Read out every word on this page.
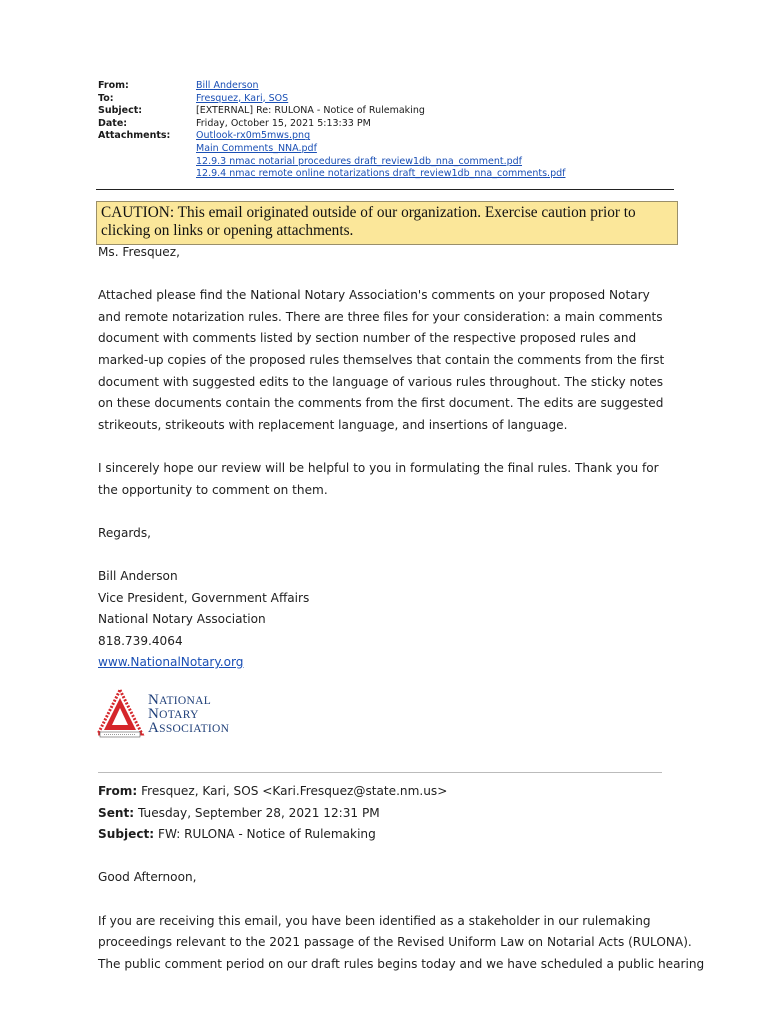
From:	Bill Anderson
To:	Fresquez, Kari, SOS
Subject:	[EXTERNAL] Re: RULONA - Notice of Rulemaking
Date:	Friday, October 15, 2021 5:13:33 PM
Attachments:	Outlook-rx0m5mws.png
Main Comments_NNA.pdf
12.9.3 nmac notarial procedures draft_review1db_nna_comment.pdf
12.9.4 nmac remote online notarizations draft_review1db_nna_comments.pdf
CAUTION: This email originated outside of our organization. Exercise caution prior to
clicking on links or opening attachments.
Ms. Fresquez,
Attached please find the National Notary Association's comments on your proposed Notary
and remote notarization rules. There are three files for your consideration: a main comments
document with comments listed by section number of the respective proposed rules and
marked-up copies of the proposed rules themselves that contain the comments from the first
document with suggested edits to the language of various rules throughout. The sticky notes
on these documents contain the comments from the first document. The edits are suggested
strikeouts, strikeouts with replacement language, and insertions of language.
I sincerely hope our review will be helpful to you in formulating the final rules. Thank you for
the opportunity to comment on them.
Regards,
Bill Anderson
Vice President, Government Affairs
National Notary Association
818.739.4064
www.NationalNotary.org
NATIONAL
NOTARY
ASSOCIATION
From: Fresquez, Kari, SOS <Kari.Fresquez@state.nm.us>
Sent: Tuesday, September 28, 2021 12:31 PM
Subject: FW: RULONA - Notice of Rulemaking
Good Afternoon,
If you are receiving this email, you have been identified as a stakeholder in our rulemaking
proceedings relevant to the 2021 passage of the Revised Uniform Law on Notarial Acts (RULONA).
The public comment period on our draft rules begins today and we have scheduled a public hearing
